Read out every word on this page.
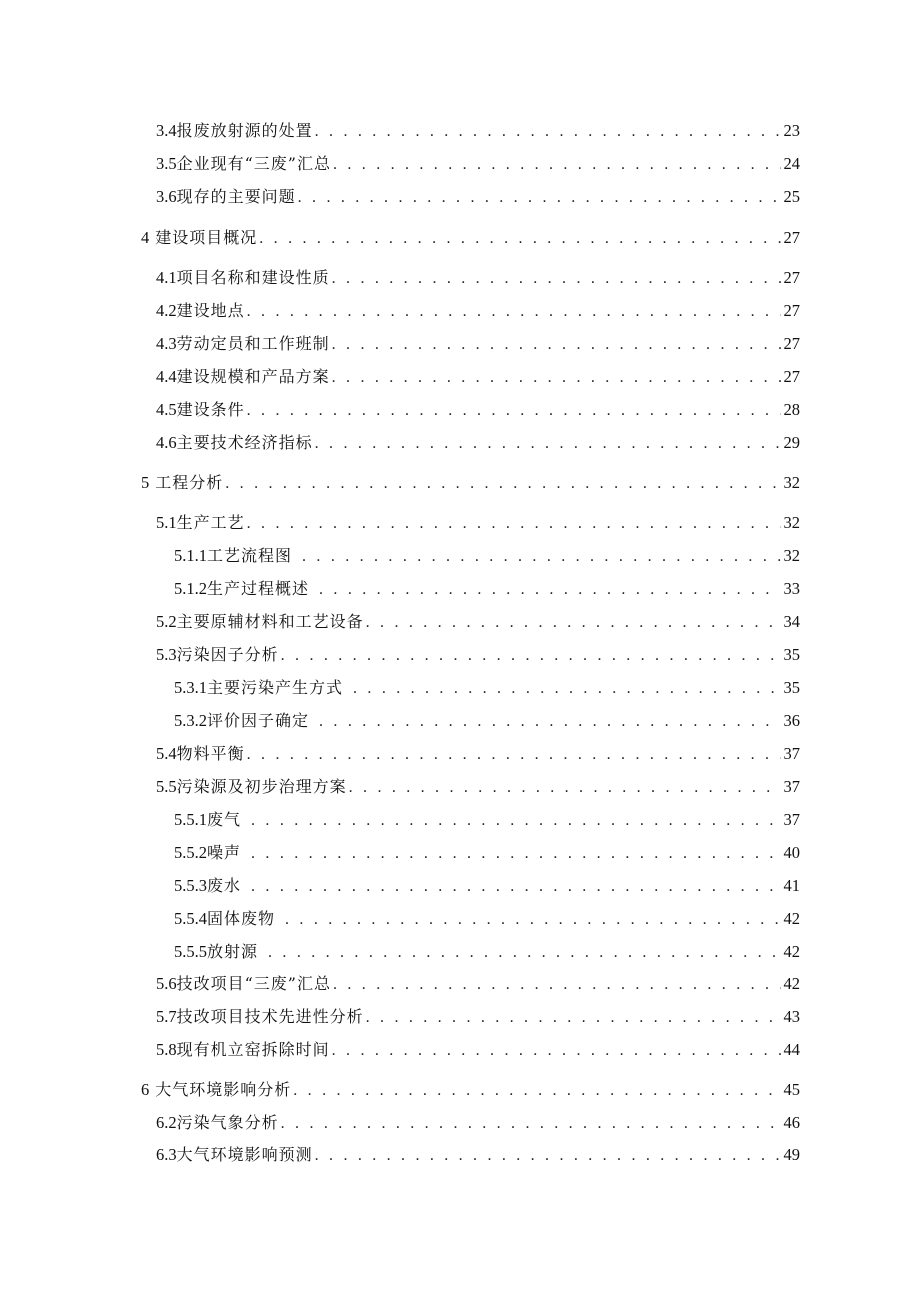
3.4 报废放射源的处置 . . .	23
3.5 企业现有“三废”汇总 . . .	24
3.6 现存的主要问题 . . .	25
4 建设项目概况 . . .	27
4.1 项目名称和建设性质 . . .	27
4.2 建设地点 . . .	27
4.3 劳动定员和工作班制 . . .	27
4.4 建设规模和产品方案 . . .	27
4.5 建设条件 . . .	28
4.6 主要技术经济指标 . . .	29
5 工程分析 . . .	32
5.1 生产工艺 . . .	32
5.1.1 工艺流程图 . . .	32
5.1.2 生产过程概述 . . .	33
5.2 主要原辅材料和工艺设备 . . .	34
5.3 污染因子分析 . . .	35
5.3.1 主要污染产生方式 . . .	35
5.3.2 评价因子确定 . . .	36
5.4 物料平衡 . . .	37
5.5 污染源及初步治理方案 . . .	37
5.5.1 废气 . . .	37
5.5.2 噪声 . . .	40
5.5.3 废水 . . .	41
5.5.4 固体废物 . . .	42
5.5.5 放射源 . . .	42
5.6 技改项目“三废”汇总 . . .	42
5.7 技改项目技术先进性分析 . . .	43
5.8 现有机立窑拆除时间 . . .	44
6 大气环境影响分析 . . .	45
6.2 污染气象分析 . . .	46
6.3 大气环境影响预测 . . .	49
